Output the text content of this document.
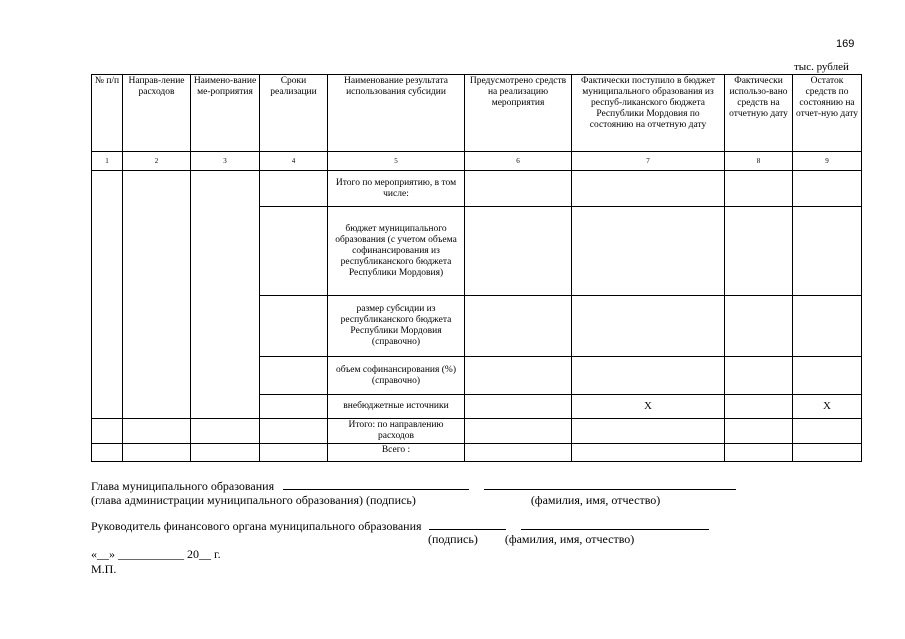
169
тыс. рублей
№ п/п	Направ-ление расходов	Наимено-вание ме-роприятия	Сроки реализации	Наименование результата использования субсидии	Предусмотрено средств на реализацию мероприятия	Фактически поступило в бюджет муниципального образования из респуб-ликанского бюджета Республики Мордовия по состоянию на отчетную дату	Фактически использо-вано средств на отчетную дату	Остаток средств по состоянию на отчет-ную дату
1	2	3	4	5	6	7	8	9
				Итого по мероприятию, в том числе:				
				бюджет муниципального образования (с учетом объема софинансирования из республиканского бюджета Республики Мордовия)				
				размер субсидии из республиканского бюджета Республики Мордовия (справочно)				
				объем софинансирования (%) (справочно)				
				внебюджетные источники		X		X
				Итого: по направлению расходов				
				Всего :				
Глава муниципального образования
(глава администрации муниципального образования) (подпись)	(фамилия, имя, отчество)
Руководитель финансового органа муниципального образования
(подпись) (фамилия, имя, отчество)
«__» ___________ 20__ г.
М.П.
